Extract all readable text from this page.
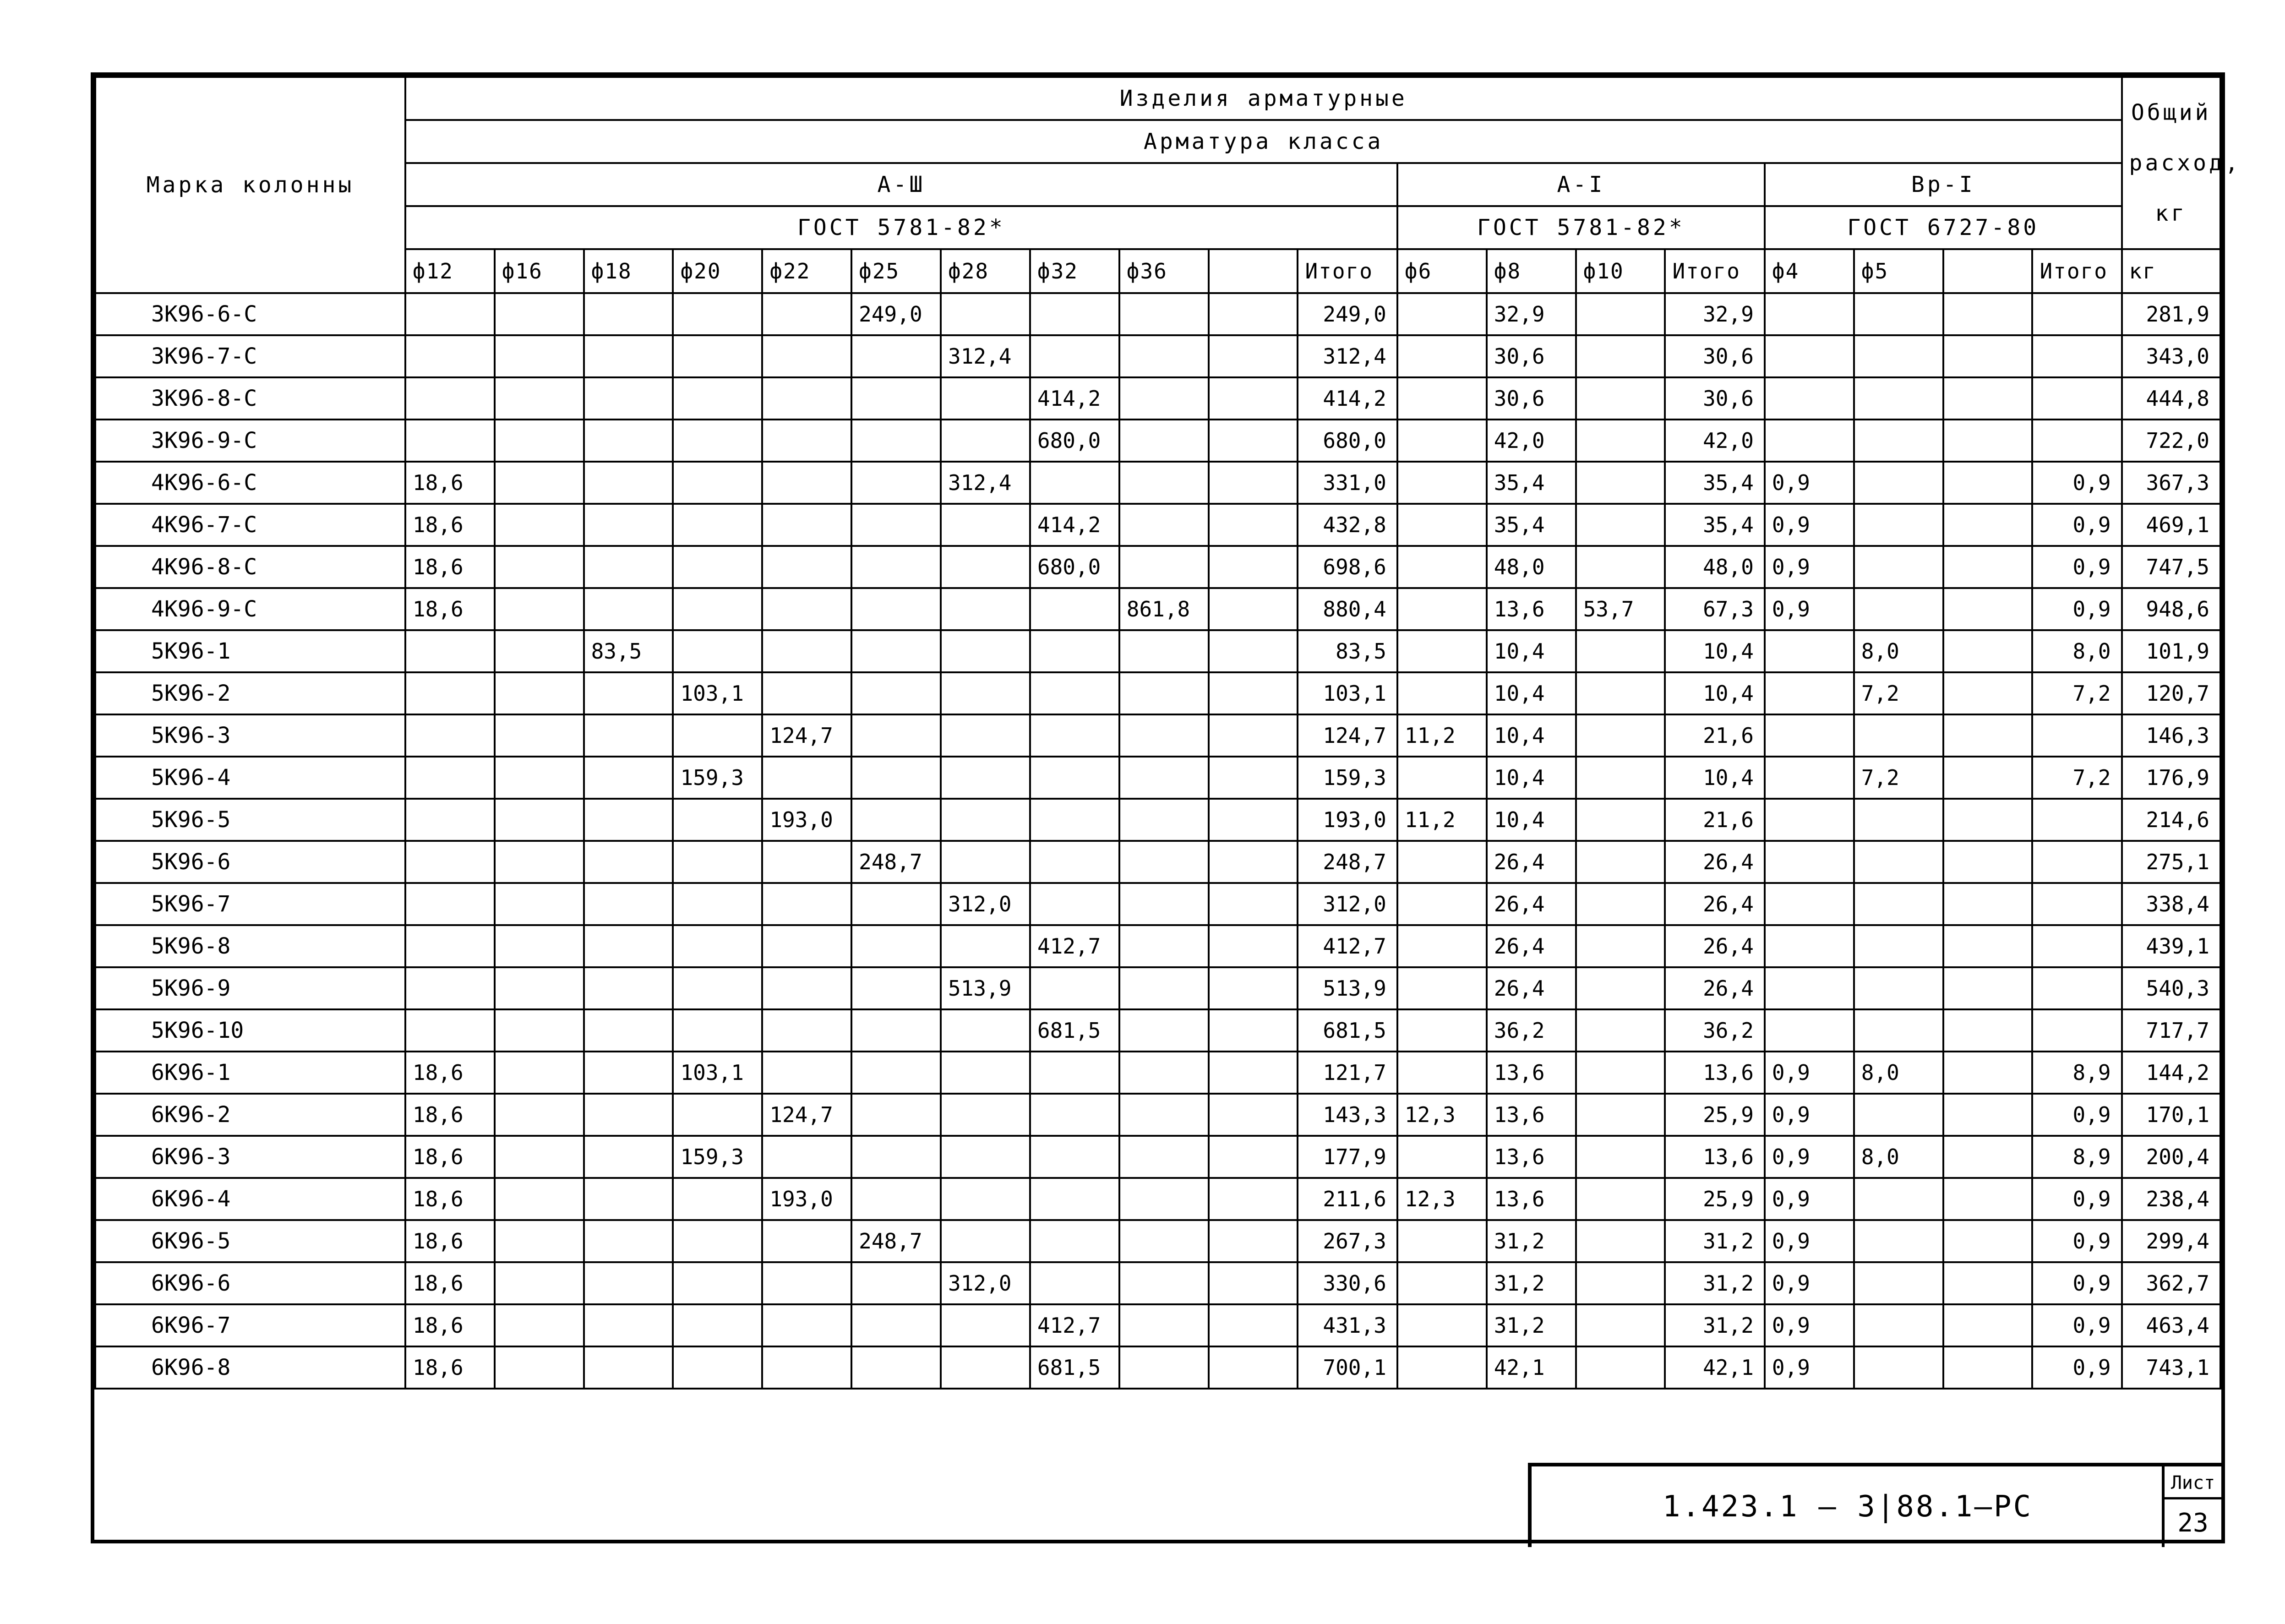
Марка колонны	Изделия арматурные																			Общий расход, кг
	Арматура класса																			
	А-Ш											А-I				Вр-I				
	ГОСТ 5781-82*											ГОСТ 5781-82*				ГОСТ 6727-80				
	ф12	ф16	ф18	ф20	ф22	ф25	ф28	ф32	ф36		Итого	ф6	ф8	ф10	Итого	ф4	ф5		Итого	кг
3К96-6-С						249,0					249,0		32,9		32,9					281,9
3К96-7-С							312,4				312,4		30,6		30,6					343,0
3К96-8-С								414,2			414,2		30,6		30,6					444,8
3К96-9-С								680,0			680,0		42,0		42,0					722,0
4К96-6-С	18,6						312,4				331,0		35,4		35,4	0,9			0,9	367,3
4К96-7-С	18,6							414,2			432,8		35,4		35,4	0,9			0,9	469,1
4К96-8-С	18,6							680,0			698,6		48,0		48,0	0,9			0,9	747,5
4К96-9-С	18,6								861,8		880,4		13,6	53,7	67,3	0,9			0,9	948,6
5К96-1			83,5								83,5		10,4		10,4		8,0		8,0	101,9
5К96-2				103,1							103,1		10,4		10,4		7,2		7,2	120,7
5К96-3					124,7						124,7	11,2	10,4		21,6					146,3
5К96-4				159,3							159,3		10,4		10,4		7,2		7,2	176,9
5К96-5					193,0						193,0	11,2	10,4		21,6					214,6
5К96-6						248,7					248,7		26,4		26,4					275,1
5К96-7							312,0				312,0		26,4		26,4					338,4
5К96-8								412,7			412,7		26,4		26,4					439,1
5К96-9							513,9				513,9		26,4		26,4					540,3
5К96-10								681,5			681,5		36,2		36,2					717,7
6К96-1	18,6			103,1							121,7		13,6		13,6	0,9	8,0		8,9	144,2
6К96-2	18,6				124,7						143,3	12,3	13,6		25,9	0,9			0,9	170,1
6К96-3	18,6			159,3							177,9		13,6		13,6	0,9	8,0		8,9	200,4
6К96-4	18,6				193,0						211,6	12,3	13,6		25,9	0,9			0,9	238,4
6К96-5	18,6					248,7					267,3		31,2		31,2	0,9			0,9	299,4
6К96-6	18,6						312,0				330,6		31,2		31,2	0,9			0,9	362,7
6К96-7	18,6							412,7			431,3		31,2		31,2	0,9			0,9	463,4
6К96-8	18,6							681,5			700,1		42,1		42,1	0,9			0,9	743,1
1.423.1 – 3|88.1–РС
Лист
23
